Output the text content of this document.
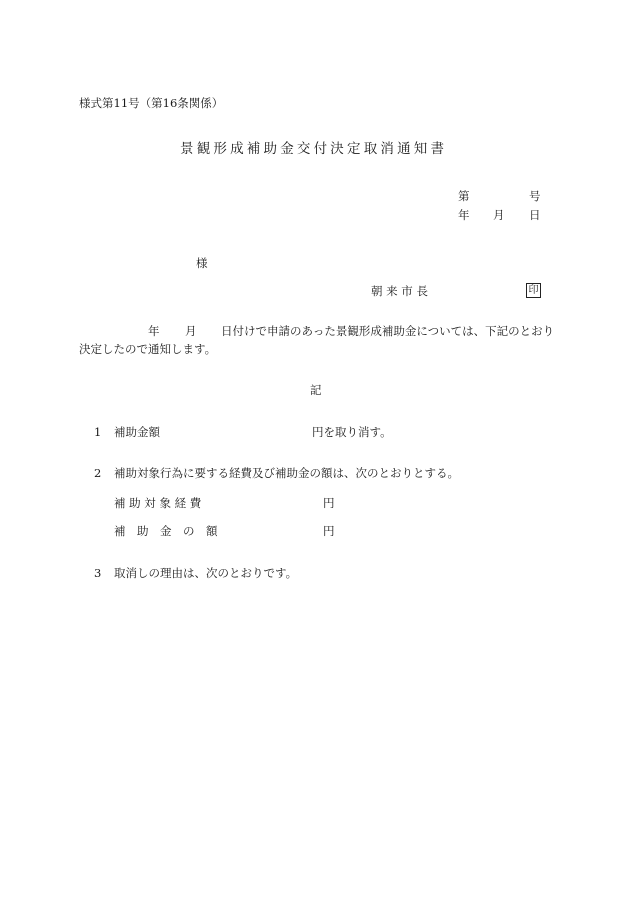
様式第11号（第16条関係）
景観形成補助金交付決定取消通知書
第	号
年 月 日
様
朝 来 市 長	印
年 月 日付けで申請のあった景観形成補助金については、下記のとおり
決定したので通知します。
記
1 補助金額	円を取り消す。
2 補助対象行為に要する経費及び補助金の額は、次のとおりとする。
補 助 対 象 経 費	円
補　助　金　の　額	円
3 取消しの理由は、次のとおりです。
